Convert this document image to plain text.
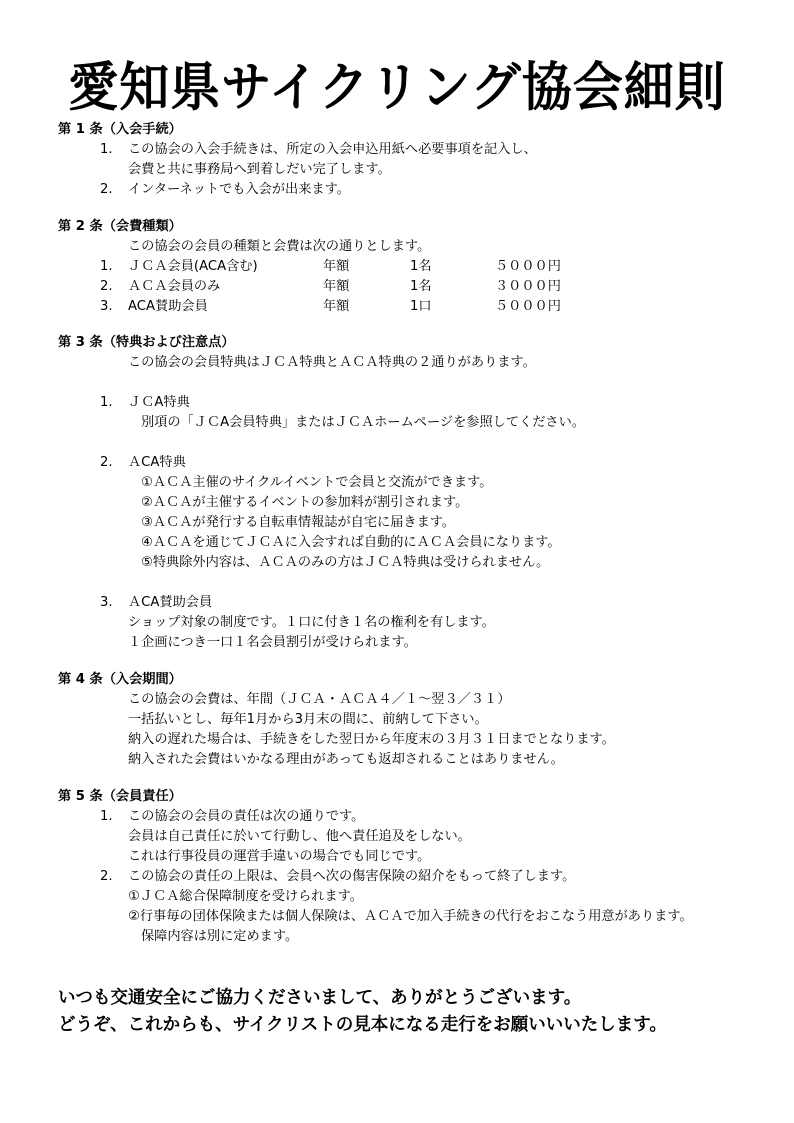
愛知県サイクリング協会細則
第 1 条（入会手続）
1. この協会の入会手続きは、所定の入会申込用紙へ必要事項を記入し、
会費と共に事務局へ到着しだい完了します。
2. インターネットでも入会が出来ます。
第 2 条（会費種類）
この協会の会員の種類と会費は次の通りとします。
1. ＪＣＡ会員(ACA含む)	年額	1名	５０００円
2. ＡＣＡ会員のみ	年額	1名	３０００円
3. ACA賛助会員	年額	1口	５０００円
第 3 条（特典および注意点）
この協会の会員特典はＪＣＡ特典とＡＣＡ特典の２通りがあります。
1. ＪＣA特典
別項の「ＪＣA会員特典」またはＪＣＡホームページを参照してください。
2. ＡCA特典
①ＡＣＡ主催のサイクルイベントで会員と交流ができます。
②ＡＣＡが主催するイベントの参加料が割引されます。
③ＡＣＡが発行する自転車情報誌が自宅に届きます。
④ＡＣＡを通じてＪＣＡに入会すれば自動的にＡＣＡ会員になります。
⑤特典除外内容は、ＡＣＡのみの方はＪＣＡ特典は受けられません。
3. ＡCA賛助会員
ショップ対象の制度です。１口に付き１名の権利を有します。
１企画につき一口１名会員割引が受けられます。
第 4 条（入会期間）
この協会の会費は、年間（ＪＣＡ・ＡＣＡ４／１～翌３／３１）
一括払いとし、毎年1月から3月末の間に、前納して下さい。
納入の遅れた場合は、手続きをした翌日から年度末の３月３１日までとなります。
納入された会費はいかなる理由があっても返却されることはありません。
第 5 条（会員責任）
1. この協会の会員の責任は次の通りです。
会員は自己責任に於いて行動し、他へ責任追及をしない。
これは行事役員の運営手違いの場合でも同じです。
2. この協会の責任の上限は、会員へ次の傷害保険の紹介をもって終了します。
①ＪＣＡ総合保障制度を受けられます。
②行事毎の団体保険または個人保険は、ＡＣＡで加入手続きの代行をおこなう用意があります。
保障内容は別に定めます。
いつも交通安全にご協力くださいまして、ありがとうございます。
どうぞ、これからも、サイクリストの見本になる走行をお願いいいたします。
